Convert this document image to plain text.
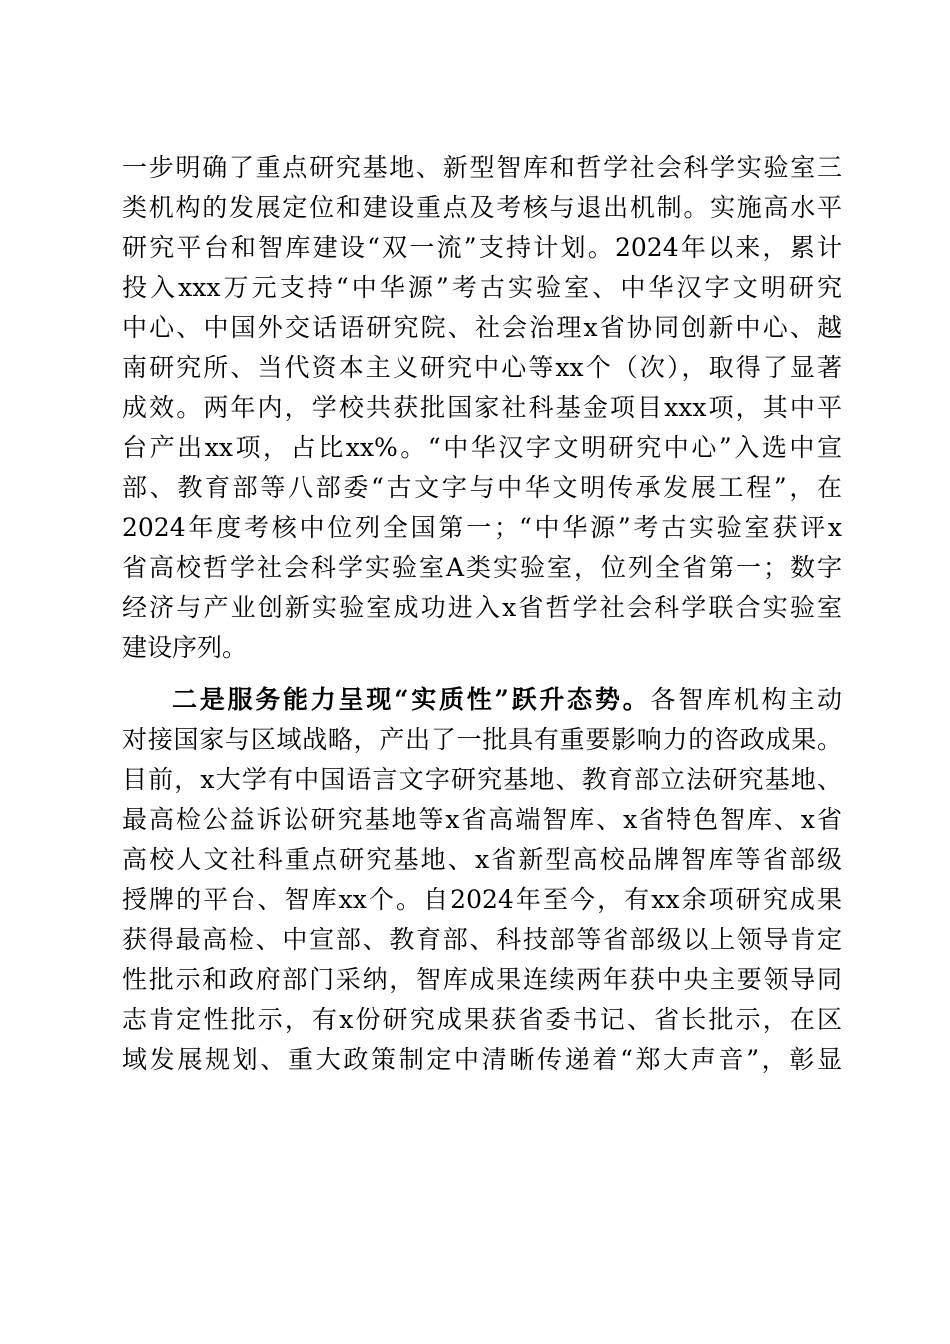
一步明确了重点研究基地、新型智库和哲学社会科学实验室三
类机构的发展定位和建设重点及考核与退出机制。实施高水平
研究平台和智库建设“双一流”支持计划。2024年以来，累计
投入xxx万元支持“中华源”考古实验室、中华汉字文明研究
中心、中国外交话语研究院、社会治理x省协同创新中心、越
南研究所、当代资本主义研究中心等xx个（次），取得了显著
成效。两年内，学校共获批国家社科基金项目xxx项，其中平
台产出xx项，占比xx%。“中华汉字文明研究中心”入选中宣
部、教育部等八部委“古文字与中华文明传承发展工程”，在
2024年度考核中位列全国第一；“中华源”考古实验室获评x
省高校哲学社会科学实验室A类实验室，位列全省第一；数字
经济与产业创新实验室成功进入x省哲学社会科学联合实验室
建设序列。
二是服务能力呈现“实质性”跃升态势。各智库机构主动
对接国家与区域战略，产出了一批具有重要影响力的咨政成果。
目前，x大学有中国语言文字研究基地、教育部立法研究基地、
最高检公益诉讼研究基地等x省高端智库、x省特色智库、x省
高校人文社科重点研究基地、x省新型高校品牌智库等省部级
授牌的平台、智库xx个。自2024年至今，有xx余项研究成果
获得最高检、中宣部、教育部、科技部等省部级以上领导肯定
性批示和政府部门采纳，智库成果连续两年获中央主要领导同
志肯定性批示，有x份研究成果获省委书记、省长批示，在区
域发展规划、重大政策制定中清晰传递着“郑大声音”，彰显
